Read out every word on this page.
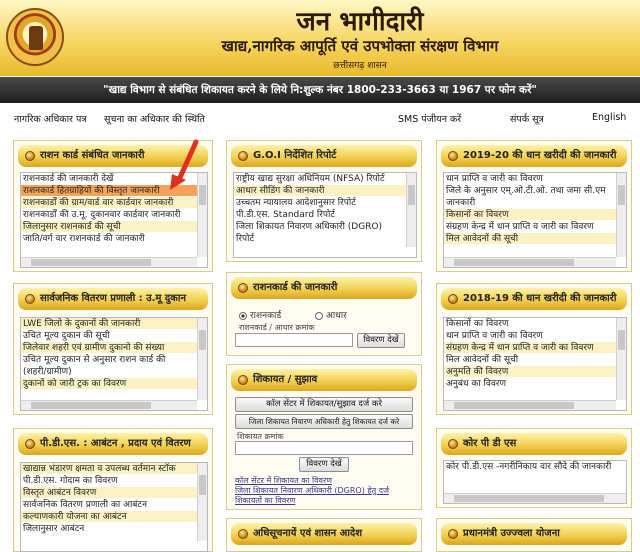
जन भागीदारी
खाद्य,नागरिक आपूर्ति एवं उपभोक्ता संरक्षण विभाग
छत्तीसगढ़ शासन
"खाद्य विभाग से संबंधित शिकायत करने के लिये नि:शुल्क नंबर 1800-233-3663 या 1967 पर फोन करें"
नागरिक अधिकार पत्र सूचना का अधिकार की स्थिति	SMS पंजीयन करें	संपर्क सूत्र	English
राशन कार्ड संबंधित जानकारी
राशनकार्ड की जानकारी देखें
राशनकार्ड हितग्राहियों की विस्तृत जानकारी
राशनकार्डों की ग्राम/वार्ड वार कार्डवार जानकारी
राशनकार्डों की उ.मू. दुकानवार कार्डवार जानकारी
जिलानुसार राशनकार्ड की सूची
जाति/वर्ग वार राशनकार्ड की जानकारी
सार्वजनिक वितरण प्रणाली : उ.मू दुकान
LWE जिलो के दुकानों की जानकारी
उचित मूल्य दुकान की सूची
जिलेवार शहरी एवं ग्रामीण दुकानो की संख्या
उचित मूल्य दुकान से अनुसार राशन कार्ड की
(शहरी/ग्रामीण)
दुकानों को जारी ट्रक का विवरण
पी.डी.एस. : आबंटन , प्रदाय एवं वितरण
खाद्यान्न भंडारण क्षमता व उपलब्ध वर्तमान स्टॉक
पी.डी.एस. गोदाम का विवरण
विस्तृत आबंटन विवरण
सार्वजनिक वितरण प्रणाली का आबंटन
कल्याणकारी योजना का आबंटन
जिलानुसार आबंटन
G.O.I निर्देशित रिपोर्ट
राष्ट्रीय खाद्य सुरक्षा अधिनियम (NFSA) रिपोर्ट
आधार सीडिंग की जानकारी
उच्चतम न्यायालय आदेशानुसार रिपोर्ट
पी.डी.एस. Standard रिपोर्ट
जिला शिकायत निवारण अधिकारी (DGRO)
रिपोर्ट
राशनकार्ड की जानकारी
राशनकार्ड	आधार
राशनकार्ड / आधार क्रमांक
विवरण देखें
शिकायत / सुझाव
कॉल सेंटर में शिकायत/सुझाव दर्ज करे
जिला शिकायत निवारण अधिकारी हेतु शिकायत दर्ज करे
शिकायत क्रमांक
विवरण देखें
कॉल सेंटर में शिकायत का विवरण
जिला शिकायत निवारण अधिकारी (DGRO) हेतु दर्ज
शिकायतों का विवरण
अधिसूचनायें एवं शासन आदेश
2019-20 की धान खरीदी की जानकारी
धान प्राप्ति व जारी का विवरण
जिले के अनुसार एम्.ओ.टी.ओ. तथा जमा सी.एम
जानकारी
किसानों का विवरण
संग्रहण केन्द्र में धान प्राप्ति व जारी का विवरण
मिल आवेदनों की सूची
2018-19 की धान खरीदी की जानकारी
किसानों का विवरण
धान प्राप्ति व जारी का विवरण
संग्रहण केन्द्र में धान प्राप्ति व जारी का विवरण
मिल आवेदनों की सूची
अनुमति की विवरण
अनुबंध का विवरण
कोर पी डी एस
कोर पी.डी.एस -नगरीनिकाय वार सौदे की जानकारी
प्रधानमंत्री उज्ज्वला योजना
